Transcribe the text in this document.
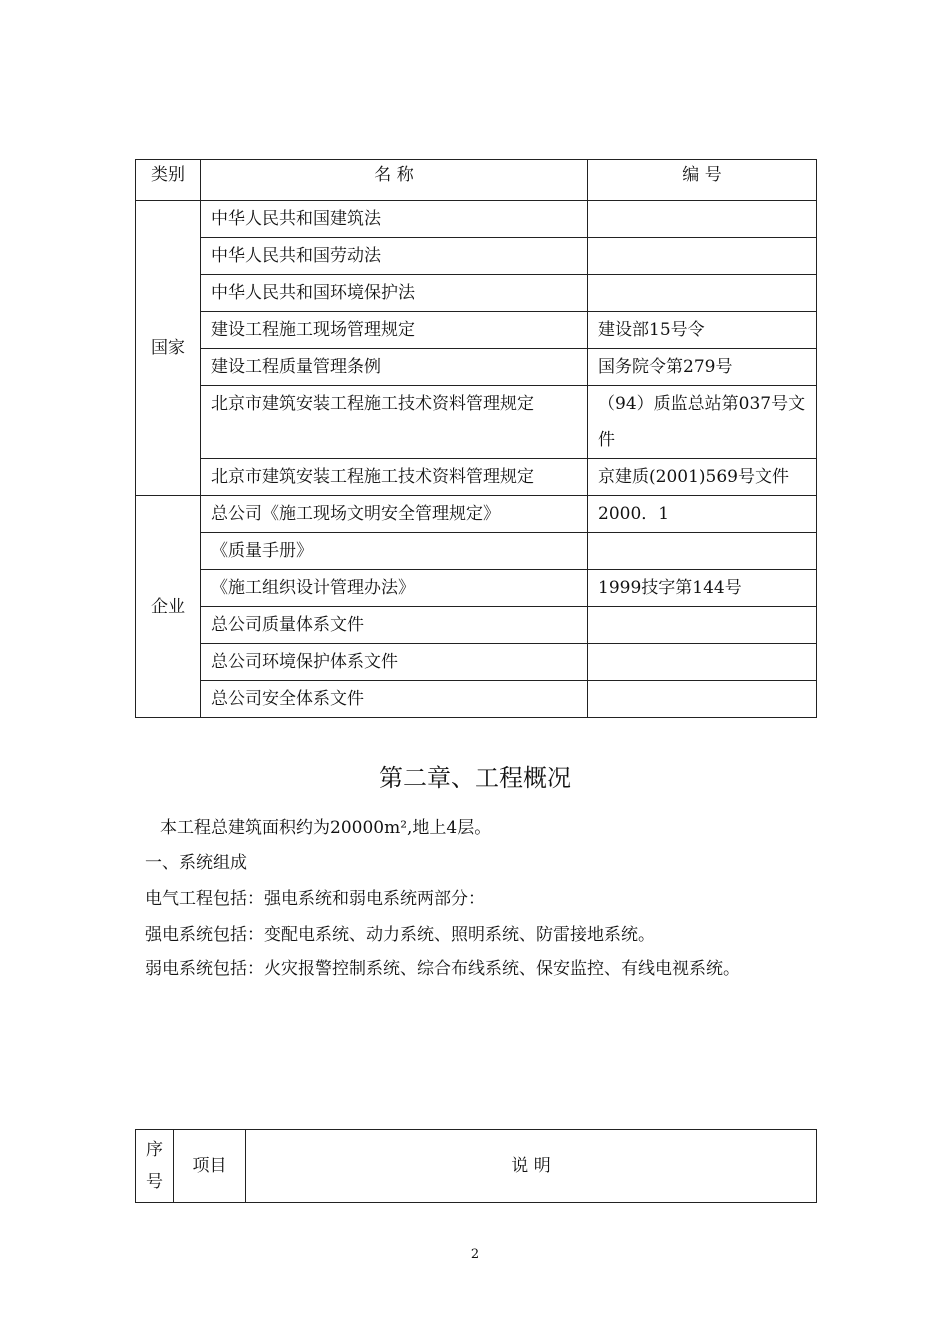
类别	名 称	编 号
国家	中华人民共和国建筑法	
	中华人民共和国劳动法	
	中华人民共和国环境保护法	
	建设工程施工现场管理规定	建设部15号令
	建设工程质量管理条例	国务院令第279号
	北京市建筑安装工程施工技术资料管理规定	（94）质监总站第037号文件

	北京市建筑安装工程施工技术资料管理规定	京建质(2001)569号文件
企业	总公司《施工现场文明安全管理规定》	2000．1
	《质量手册》	
	《施工组织设计管理办法》	1999技字第144号
	总公司质量体系文件	
	总公司环境保护体系文件	
	总公司安全体系文件	
第二章、工程概况
本工程总建筑面积约为20000m²,地上4层。
一、系统组成
电气工程包括：强电系统和弱电系统两部分：
强电系统包括：变配电系统、动力系统、照明系统、防雷接地系统。
弱电系统包括：火灾报警控制系统、综合布线系统、保安监控、有线电视系统。
序
号
	项目	说 明
2
